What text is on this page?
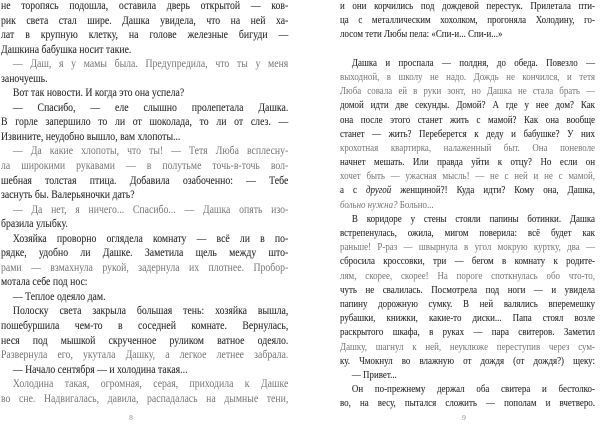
не торопясь подошла, оставила дверь открытой — ков-
рик света стал шире. Дашка увидела, что на ней ха-
лат в крупную клетку, на голове железные бигуди —
Дашкина бабушка носит такие.
— Даш, я у мамы была. Предупредила, что ты у меня
заночуешь.
Вот так новости. И когда это она успела?
— Спасибо, — еле слышно пролепетала Дашка.
В горле запершило то ли от шоколада, то ли от слез. —
Извините, неудобно вышло, вам хлопоты...
— Да какие хлопоты, что ты! — Тетя Люба всплесну-
ла широкими рукавами — в полутьме точь-в-точь вол-
шебная толстая птица. Добавила озабоченно: — Тебе
заснуть бы. Валерьяночки дать?
— Да нет, я ничего... Спасибо... — Дашка опять изо-
бразила улыбку.
Хозяйка проворно оглядела комнату — всё ли в по-
рядке, удобно ли Дашке. Заметила щель между што-
рами — взмахнула рукой, задернула их плотнее. Пробор-
мотала себе под нос:
— Теплое одеяло дам.
Полоску света закрыла большая тень: хозяйка вышла,
пошебуршила чем-то в соседней комнате. Вернулась,
неся под мышкой скрученное руликом ватное одеяло.
Развернула его, укутала Дашку, а легкое летнее забрала.
— Начало сентября — и холодина такая...
Холодина такая, огромная, серая, приходила к Дашке
во сне. Надвигалась, давила, распадалась на дымные тени,
и они корчились под дождевой перестук. Прилетала пти-
ца с металлическим хохолком, прогоняла Холодину, го-
лосом тети Любы пела: «Спи-и... Спи-и...»

Дашка и проспала — полдня, до обеда. Повезло —
выходной, в школу не надо. Дождь не кончился, и тетя
Люба совала ей в руки зонт, но Дашка не стала брать —
домой идти две секунды. Домой? А где у нее дом? Как
она после этого станет жить с мамой? Как она вообще
станет — жить? Переберется к деду и бабушке? У них
крохотная квартирка, налаженный быт. Она поневоле
начнет мешать. Или правда уйти к отцу? Но если он
хочет быть — ужасная мысль! — не с ней и не с мамой,
а с другой женщиной?! Куда идти? Кому она, Дашка,
больно нужна? Больно...
В коридоре у стены стояли папины ботинки. Дашка
встрепенулась, ожила, мигом поверила: всё будет как
раньше! Р-раз — швырнула в угол мокрую куртку, два —
сбросила кроссовки, три — бегом в комнату к родите-
лям, скорее, скорее! На пороге споткнулась обо что-то,
чуть не свалилась. Посмотрела под ноги — и увидела
папину дорожную сумку. В ней валялись вперемешку
рубашки, книжки, какие-то диски... Папа стоял возле
раскрытого шкафа, в руках — пара свитеров. Заметил
Дашку, шагнул к ней, неуклюже переступив через сум-
ку. Чмокнул во влажную от дождя (от дождя?) щеку:
— Привет...
Он по-прежнему держал оба свитера и бестолко-
во, на весу, пытался сложить — пополам и вчетверо.
8	9
